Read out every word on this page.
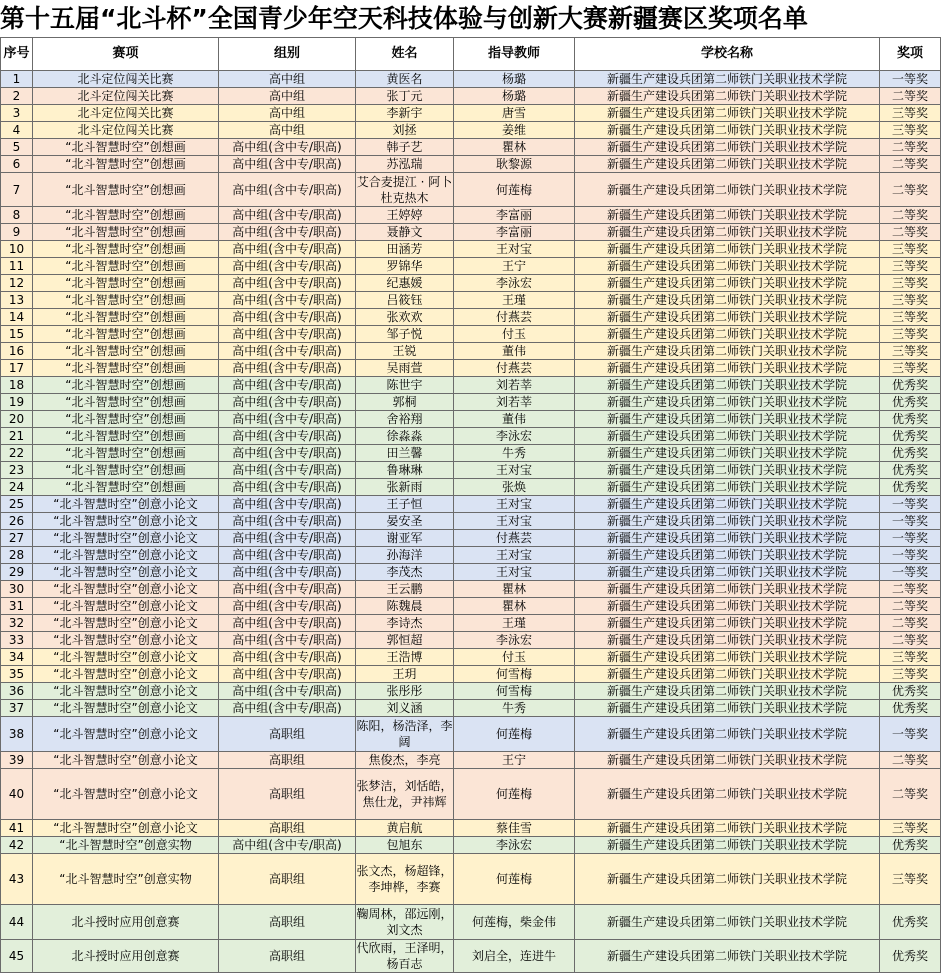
第十五届“北斗杯”全国青少年空天科技体验与创新大赛新疆赛区奖项名单
序号	赛项	组别	姓名	指导教师	学校名称	奖项
1	北斗定位闯关比赛	高中组	黄医名	杨璐	新疆生产建设兵团第二师铁门关职业技术学院	一等奖
2	北斗定位闯关比赛	高中组	张丁元	杨璐	新疆生产建设兵团第二师铁门关职业技术学院	二等奖
3	北斗定位闯关比赛	高中组	李新宇	唐雪	新疆生产建设兵团第二师铁门关职业技术学院	三等奖
4	北斗定位闯关比赛	高中组	刘拯	姜维	新疆生产建设兵团第二师铁门关职业技术学院	三等奖
5	“北斗智慧时空”创想画	高中组(含中专/职高)	韩子艺	瞿林	新疆生产建设兵团第二师铁门关职业技术学院	二等奖
6	“北斗智慧时空”创想画	高中组(含中专/职高)	苏泓瑞	耿黎源	新疆生产建设兵团第二师铁门关职业技术学院	二等奖
7	“北斗智慧时空”创想画	高中组(含中专/职高)	艾合麦提江 · 阿卜杜克热木	何莲梅	新疆生产建设兵团第二师铁门关职业技术学院	二等奖
8	“北斗智慧时空”创想画	高中组(含中专/职高)	王婷婷	李富丽	新疆生产建设兵团第二师铁门关职业技术学院	二等奖
9	“北斗智慧时空”创想画	高中组(含中专/职高)	聂静文	李富丽	新疆生产建设兵团第二师铁门关职业技术学院	二等奖
10	“北斗智慧时空”创想画	高中组(含中专/职高)	田涵芳	王对宝	新疆生产建设兵团第二师铁门关职业技术学院	三等奖
11	“北斗智慧时空”创想画	高中组(含中专/职高)	罗锦华	王宁	新疆生产建设兵团第二师铁门关职业技术学院	三等奖
12	“北斗智慧时空”创想画	高中组(含中专/职高)	纪惠媛	李泳宏	新疆生产建设兵团第二师铁门关职业技术学院	三等奖
13	“北斗智慧时空”创想画	高中组(含中专/职高)	吕筱钰	王瑾	新疆生产建设兵团第二师铁门关职业技术学院	三等奖
14	“北斗智慧时空”创想画	高中组(含中专/职高)	张欢欢	付燕芸	新疆生产建设兵团第二师铁门关职业技术学院	三等奖
15	“北斗智慧时空”创想画	高中组(含中专/职高)	邹子悦	付玉	新疆生产建设兵团第二师铁门关职业技术学院	三等奖
16	“北斗智慧时空”创想画	高中组(含中专/职高)	王锐	董伟	新疆生产建设兵团第二师铁门关职业技术学院	三等奖
17	“北斗智慧时空”创想画	高中组(含中专/职高)	吴雨萱	付燕芸	新疆生产建设兵团第二师铁门关职业技术学院	三等奖
18	“北斗智慧时空”创想画	高中组(含中专/职高)	陈世宇	刘若莘	新疆生产建设兵团第二师铁门关职业技术学院	优秀奖
19	“北斗智慧时空”创想画	高中组(含中专/职高)	郭桐	刘若莘	新疆生产建设兵团第二师铁门关职业技术学院	优秀奖
20	“北斗智慧时空”创想画	高中组(含中专/职高)	舍裕翔	董伟	新疆生产建设兵团第二师铁门关职业技术学院	优秀奖
21	“北斗智慧时空”创想画	高中组(含中专/职高)	徐淼淼	李泳宏	新疆生产建设兵团第二师铁门关职业技术学院	优秀奖
22	“北斗智慧时空”创想画	高中组(含中专/职高)	田兰馨	牛秀	新疆生产建设兵团第二师铁门关职业技术学院	优秀奖
23	“北斗智慧时空”创想画	高中组(含中专/职高)	鲁琳琳	王对宝	新疆生产建设兵团第二师铁门关职业技术学院	优秀奖
24	“北斗智慧时空”创想画	高中组(含中专/职高)	张新雨	张焕	新疆生产建设兵团第二师铁门关职业技术学院	优秀奖
25	“北斗智慧时空”创意小论文	高中组(含中专/职高)	王子恒	王对宝	新疆生产建设兵团第二师铁门关职业技术学院	一等奖
26	“北斗智慧时空”创意小论文	高中组(含中专/职高)	晏安圣	王对宝	新疆生产建设兵团第二师铁门关职业技术学院	一等奖
27	“北斗智慧时空”创意小论文	高中组(含中专/职高)	谢亚军	付燕芸	新疆生产建设兵团第二师铁门关职业技术学院	一等奖
28	“北斗智慧时空”创意小论文	高中组(含中专/职高)	孙海洋	王对宝	新疆生产建设兵团第二师铁门关职业技术学院	一等奖
29	“北斗智慧时空”创意小论文	高中组(含中专/职高)	李茂杰	王对宝	新疆生产建设兵团第二师铁门关职业技术学院	一等奖
30	“北斗智慧时空”创意小论文	高中组(含中专/职高)	王云鹏	瞿林	新疆生产建设兵团第二师铁门关职业技术学院	二等奖
31	“北斗智慧时空”创意小论文	高中组(含中专/职高)	陈魏晨	瞿林	新疆生产建设兵团第二师铁门关职业技术学院	二等奖
32	“北斗智慧时空”创意小论文	高中组(含中专/职高)	李诗杰	王瑾	新疆生产建设兵团第二师铁门关职业技术学院	二等奖
33	“北斗智慧时空”创意小论文	高中组(含中专/职高)	郭恒超	李泳宏	新疆生产建设兵团第二师铁门关职业技术学院	二等奖
34	“北斗智慧时空”创意小论文	高中组(含中专/职高)	王浩博	付玉	新疆生产建设兵团第二师铁门关职业技术学院	三等奖
35	“北斗智慧时空”创意小论文	高中组(含中专/职高)	王玥	何雪梅	新疆生产建设兵团第二师铁门关职业技术学院	三等奖
36	“北斗智慧时空”创意小论文	高中组(含中专/职高)	张彤彤	何雪梅	新疆生产建设兵团第二师铁门关职业技术学院	优秀奖
37	“北斗智慧时空”创意小论文	高中组(含中专/职高)	刘义涵	牛秀	新疆生产建设兵团第二师铁门关职业技术学院	优秀奖
38	“北斗智慧时空”创意小论文	高职组	陈阳，杨浩泽，李阔	何莲梅	新疆生产建设兵团第二师铁门关职业技术学院	一等奖
39	“北斗智慧时空”创意小论文	高职组	焦俊杰，李亮	王宁	新疆生产建设兵团第二师铁门关职业技术学院	二等奖
40	“北斗智慧时空”创意小论文	高职组	张梦洁，刘恬皓，焦仕龙，尹祎辉	何莲梅	新疆生产建设兵团第二师铁门关职业技术学院	二等奖
41	“北斗智慧时空”创意小论文	高职组	黄启航	蔡佳雪	新疆生产建设兵团第二师铁门关职业技术学院	三等奖
42	“北斗智慧时空”创意实物	高中组(含中专/职高)	包旭东	李泳宏	新疆生产建设兵团第二师铁门关职业技术学院	优秀奖
43	“北斗智慧时空”创意实物	高职组	张文杰，杨超锋，李坤桦，李赛	何莲梅	新疆生产建设兵团第二师铁门关职业技术学院	三等奖
44	北斗授时应用创意赛	高职组	鞠周林，邵远刚，刘文杰	何莲梅，柴金伟	新疆生产建设兵团第二师铁门关职业技术学院	优秀奖
45	北斗授时应用创意赛	高职组	代欣雨，王泽明，杨百志	刘启全，连进牛	新疆生产建设兵团第二师铁门关职业技术学院	优秀奖
